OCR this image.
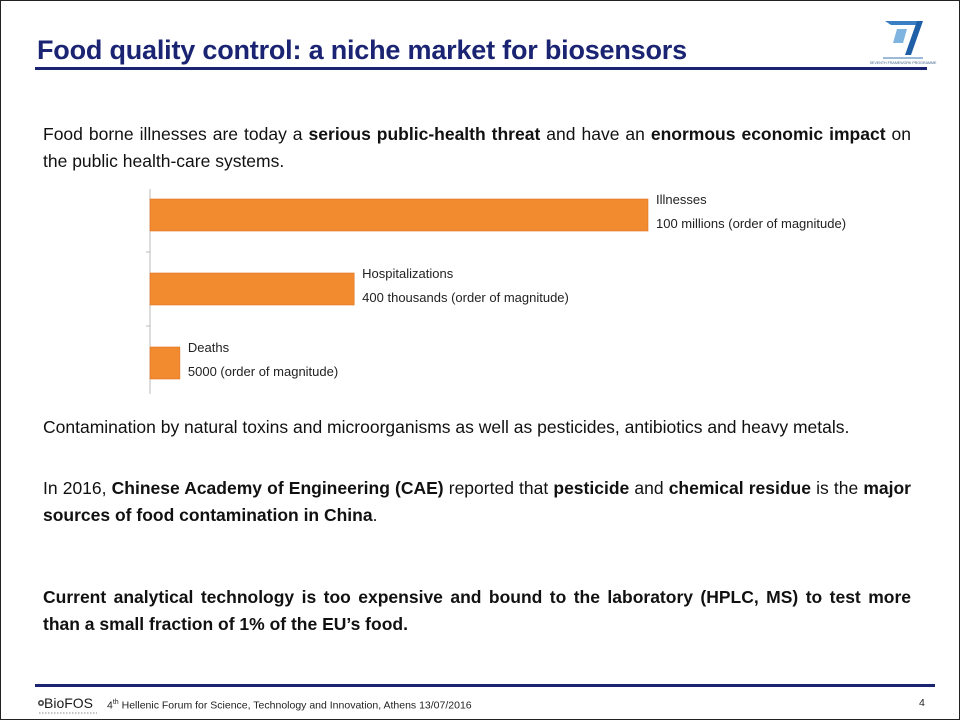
Food quality control: a niche market for biosensors	SEVENTH FRAMEWORK PROGRAMME

Food borne illnesses are today a serious public-health threat and have an enormous economic impact on the public health-care systems.

Illnesses
100 millions (order of magnitude)
Hospitalizations
400 thousands (order of magnitude)
Deaths
5000 (order of magnitude)

Contamination by natural toxins and microorganisms as well as pesticides, antibiotics and heavy metals.

In 2016, Chinese Academy of Engineering (CAE) reported that pesticide and chemical residue is the major sources of food contamination in China.

Current analytical technology is too expensive and bound to the laboratory (HPLC, MS) to test more than a small fraction of 1% of the EU’s food.

BioFOS 4th Hellenic Forum for Science, Technology and Innovation, Athens 13/07/2016	4
